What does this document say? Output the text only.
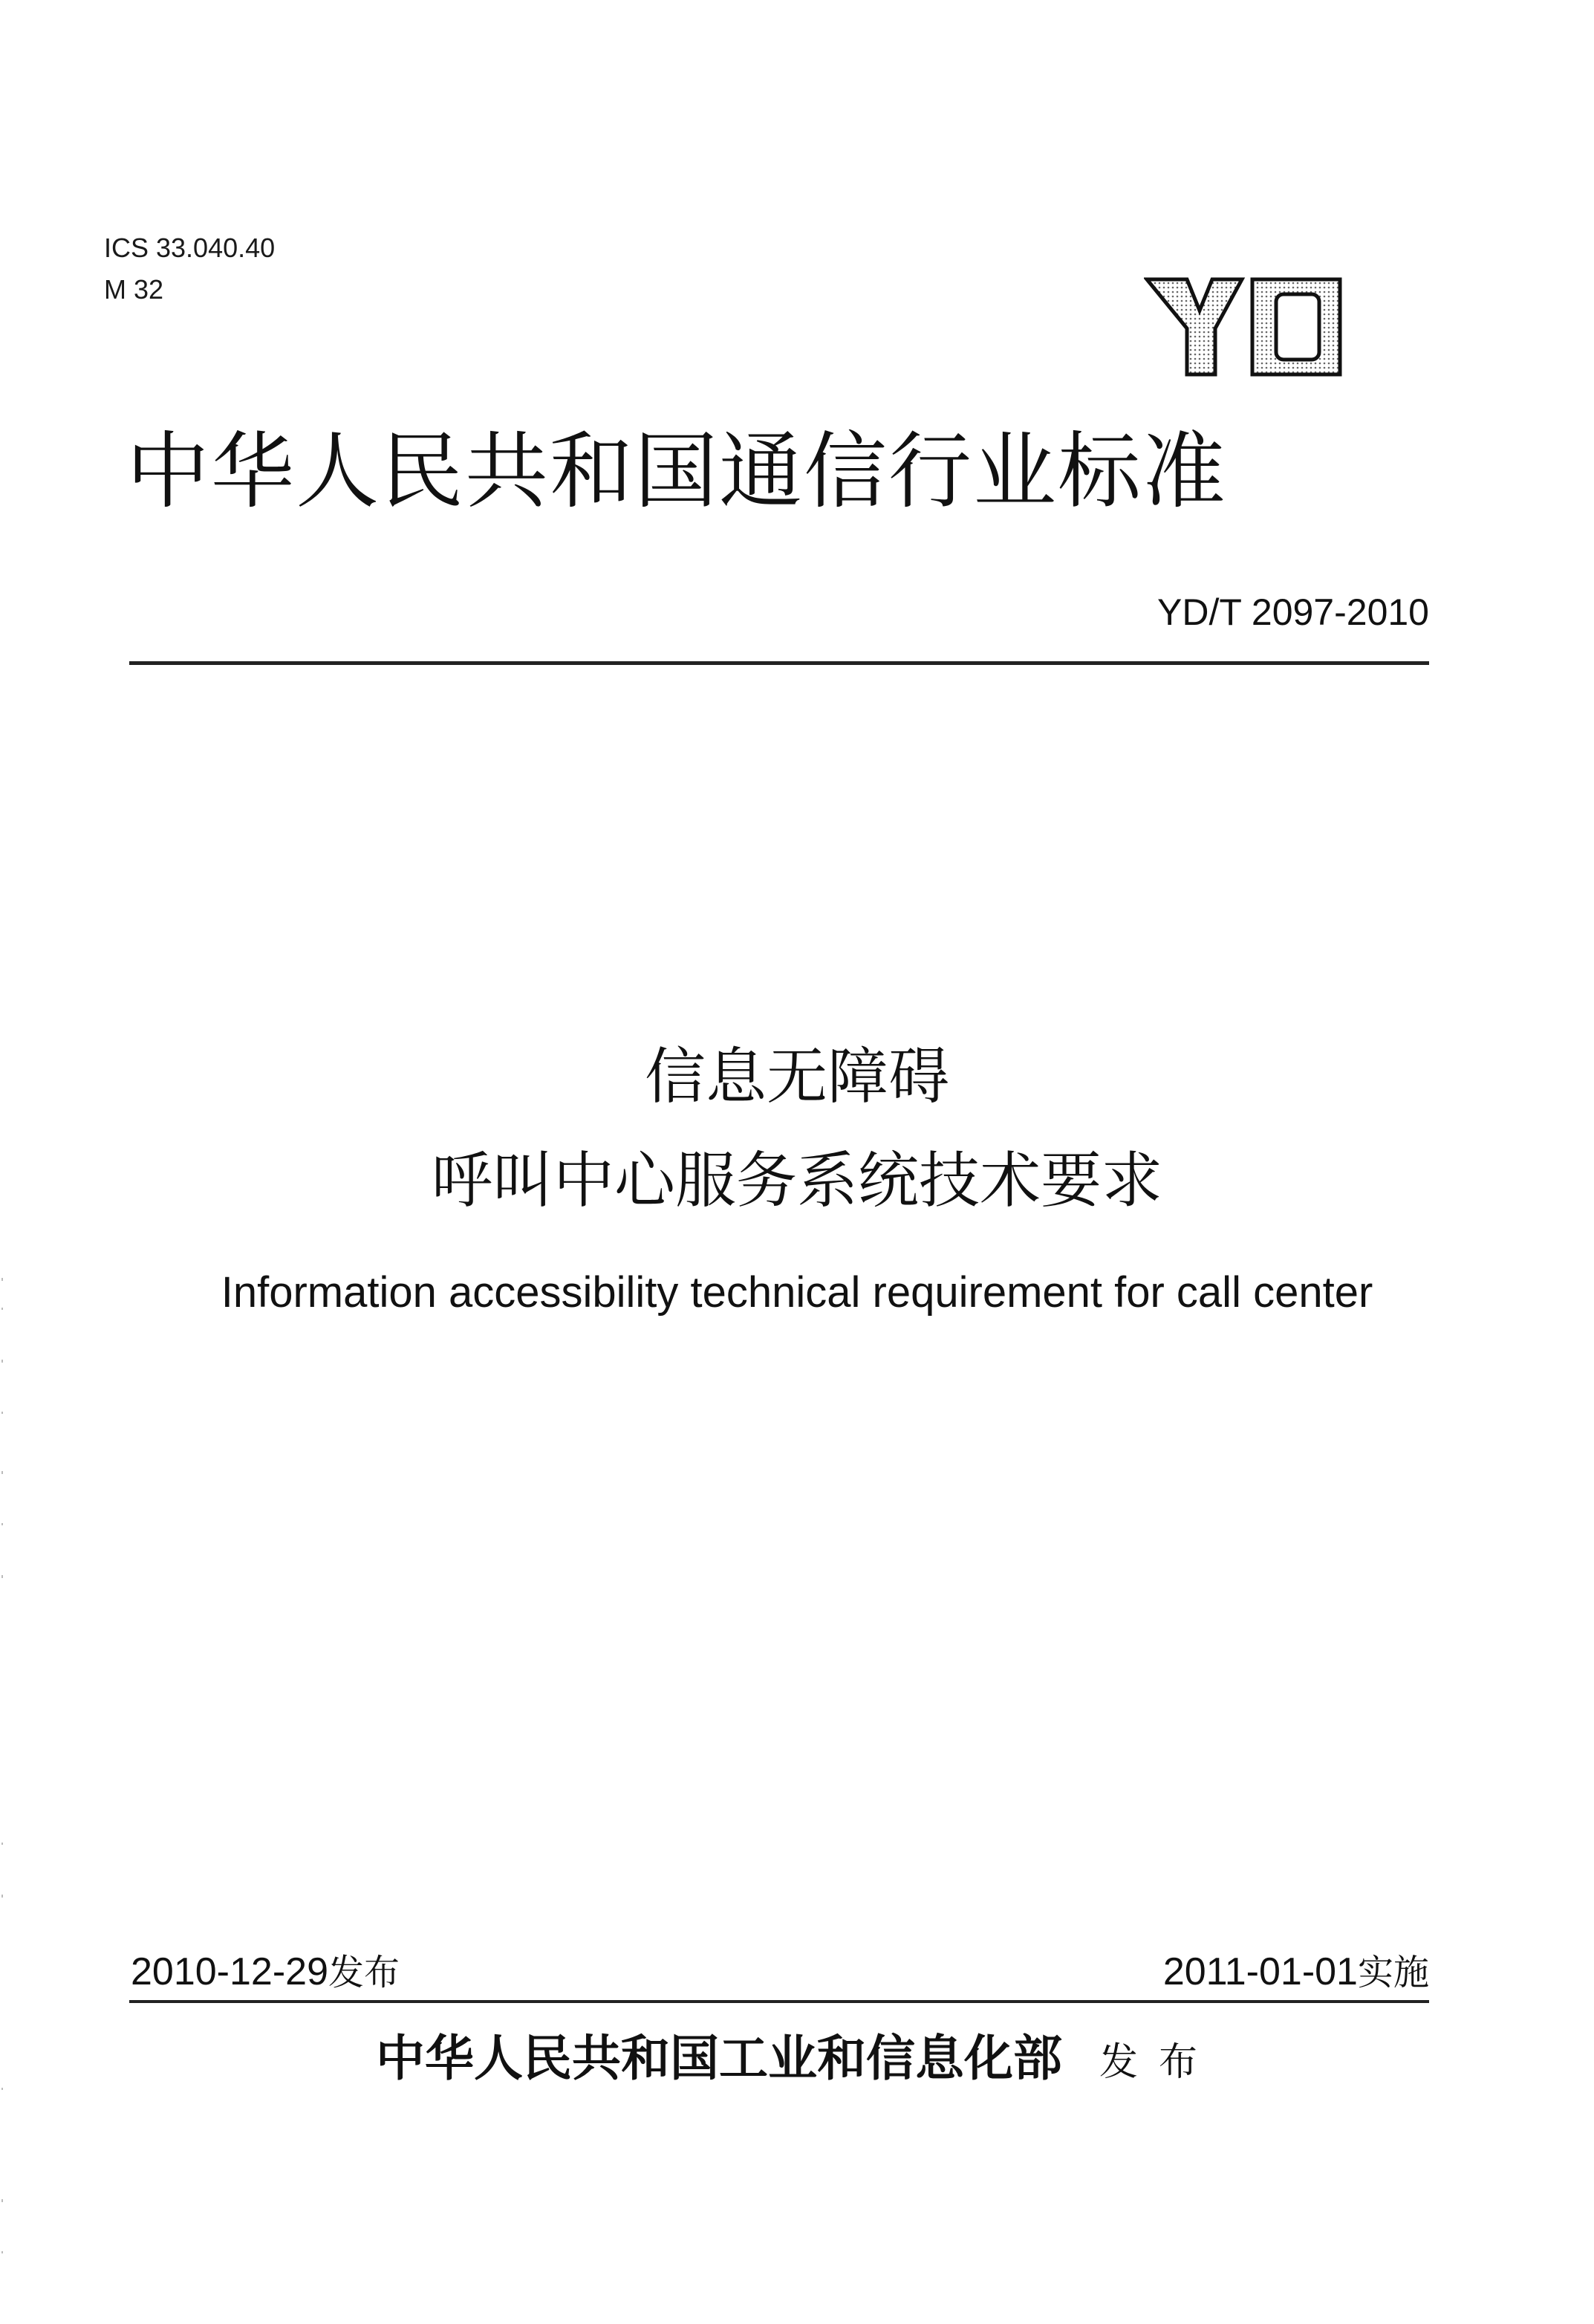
ICS 33.040.40
M 32
中华人民共和国通信行业标准
YD/T 2097-2010
信息无障碍
呼叫中心服务系统技术要求
Information accessibility technical requirement for call center
2010-12-29发布	2011-01-01实施
中华人民共和国工业和信息化部 发布
